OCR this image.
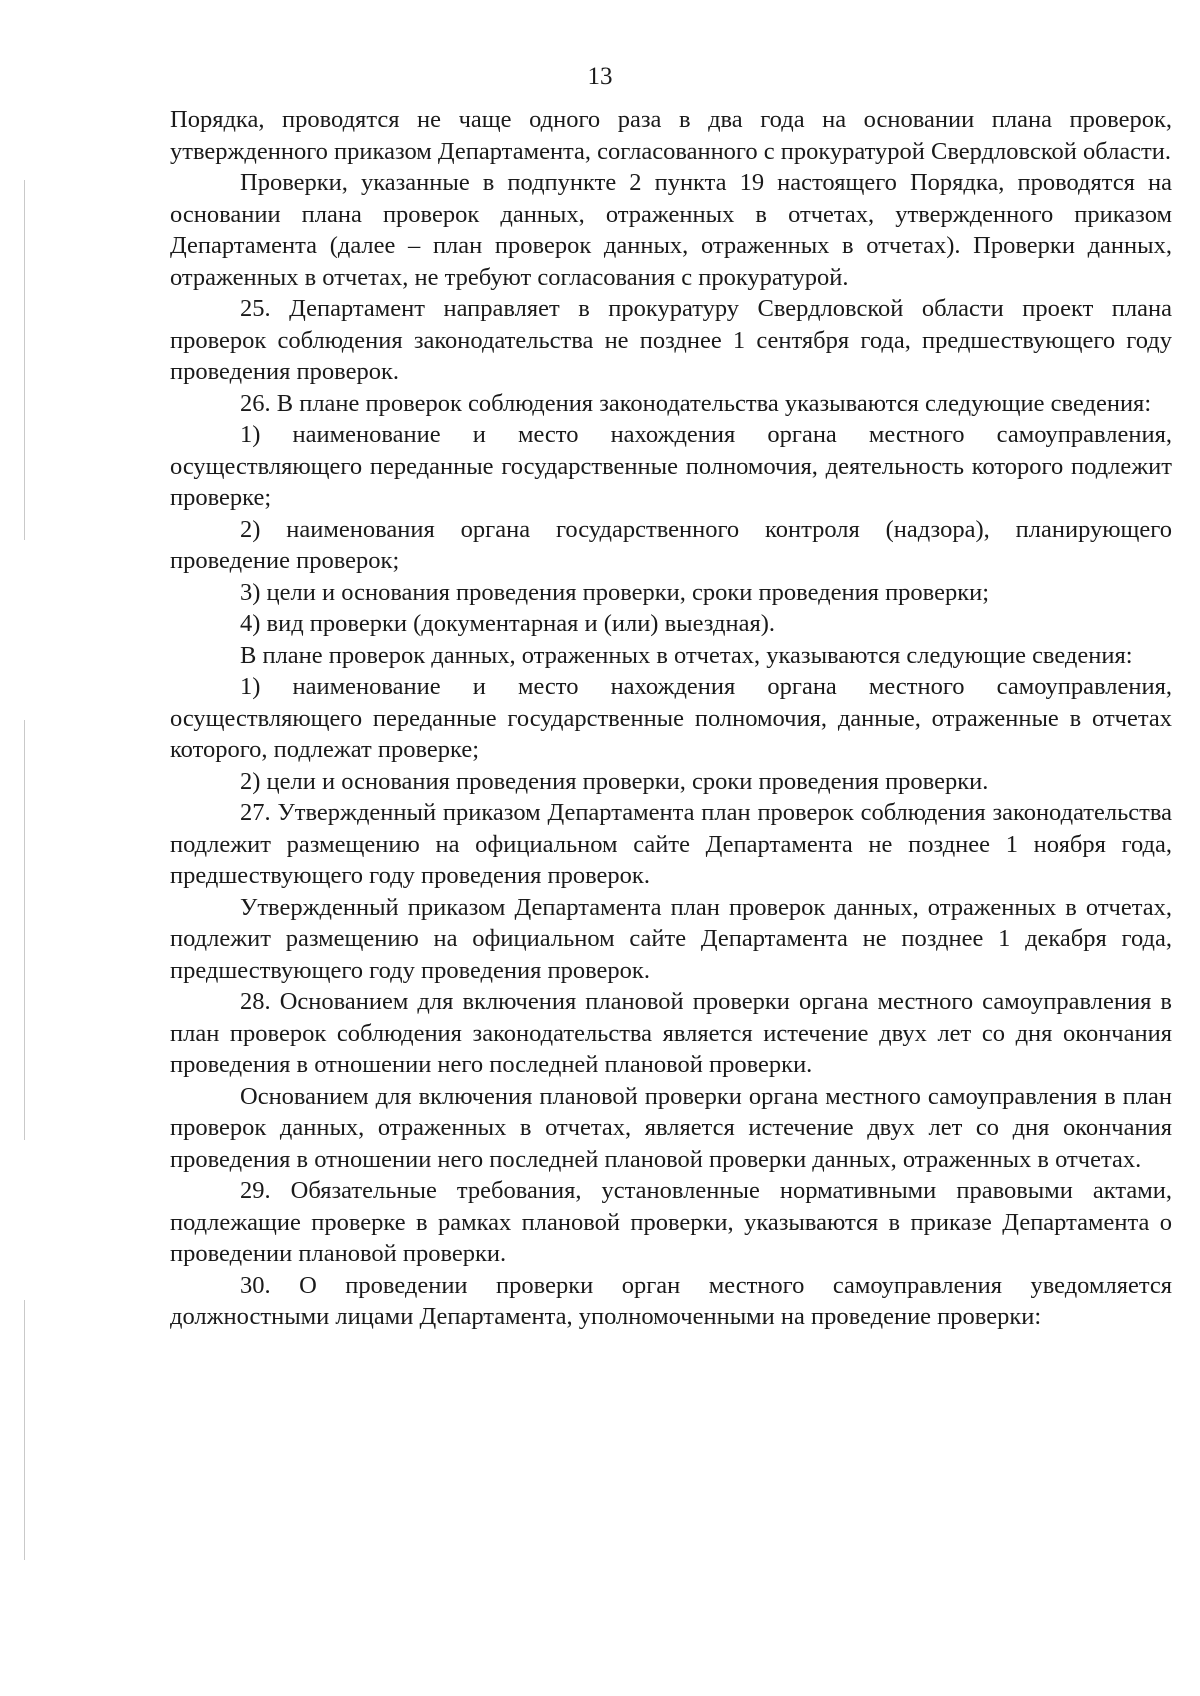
13

Порядка, проводятся не чаще одного раза в два года на основании плана проверок, утвержденного приказом Департамента, согласованного с прокуратурой Свердловской области.

Проверки, указанные в подпункте 2 пункта 19 настоящего Порядка, проводятся на основании плана проверок данных, отраженных в отчетах, утвержденного приказом Департамента (далее – план проверок данных, отраженных в отчетах). Проверки данных, отраженных в отчетах, не требуют согласования с прокуратурой.

25. Департамент направляет в прокуратуру Свердловской области проект плана проверок соблюдения законодательства не позднее 1 сентября года, предшествующего году проведения проверок.

26. В плане проверок соблюдения законодательства указываются следующие сведения:

1) наименование и место нахождения органа местного самоуправления, осуществляющего переданные государственные полномочия, деятельность которого подлежит проверке;

2) наименования органа государственного контроля (надзора), планирующего проведение проверок;

3) цели и основания проведения проверки, сроки проведения проверки;

4) вид проверки (документарная и (или) выездная).

В плане проверок данных, отраженных в отчетах, указываются следующие сведения:

1) наименование и место нахождения органа местного самоуправления, осуществляющего переданные государственные полномочия, данные, отраженные в отчетах которого, подлежат проверке;

2) цели и основания проведения проверки, сроки проведения проверки.

27. Утвержденный приказом Департамента план проверок соблюдения законодательства подлежит размещению на официальном сайте Департамента не позднее 1 ноября года, предшествующего году проведения проверок.

Утвержденный приказом Департамента план проверок данных, отраженных в отчетах, подлежит размещению на официальном сайте Департамента не позднее 1 декабря года, предшествующего году проведения проверок.

28. Основанием для включения плановой проверки органа местного самоуправления в план проверок соблюдения законодательства является истечение двух лет со дня окончания проведения в отношении него последней плановой проверки.

Основанием для включения плановой проверки органа местного самоуправления в план проверок данных, отраженных в отчетах, является истечение двух лет со дня окончания проведения в отношении него последней плановой проверки данных, отраженных в отчетах.

29. Обязательные требования, установленные нормативными правовыми актами, подлежащие проверке в рамках плановой проверки, указываются в приказе Департамента о проведении плановой проверки.

30. О проведении проверки орган местного самоуправления уведомляется должностными лицами Департамента, уполномоченными на проведение проверки:
